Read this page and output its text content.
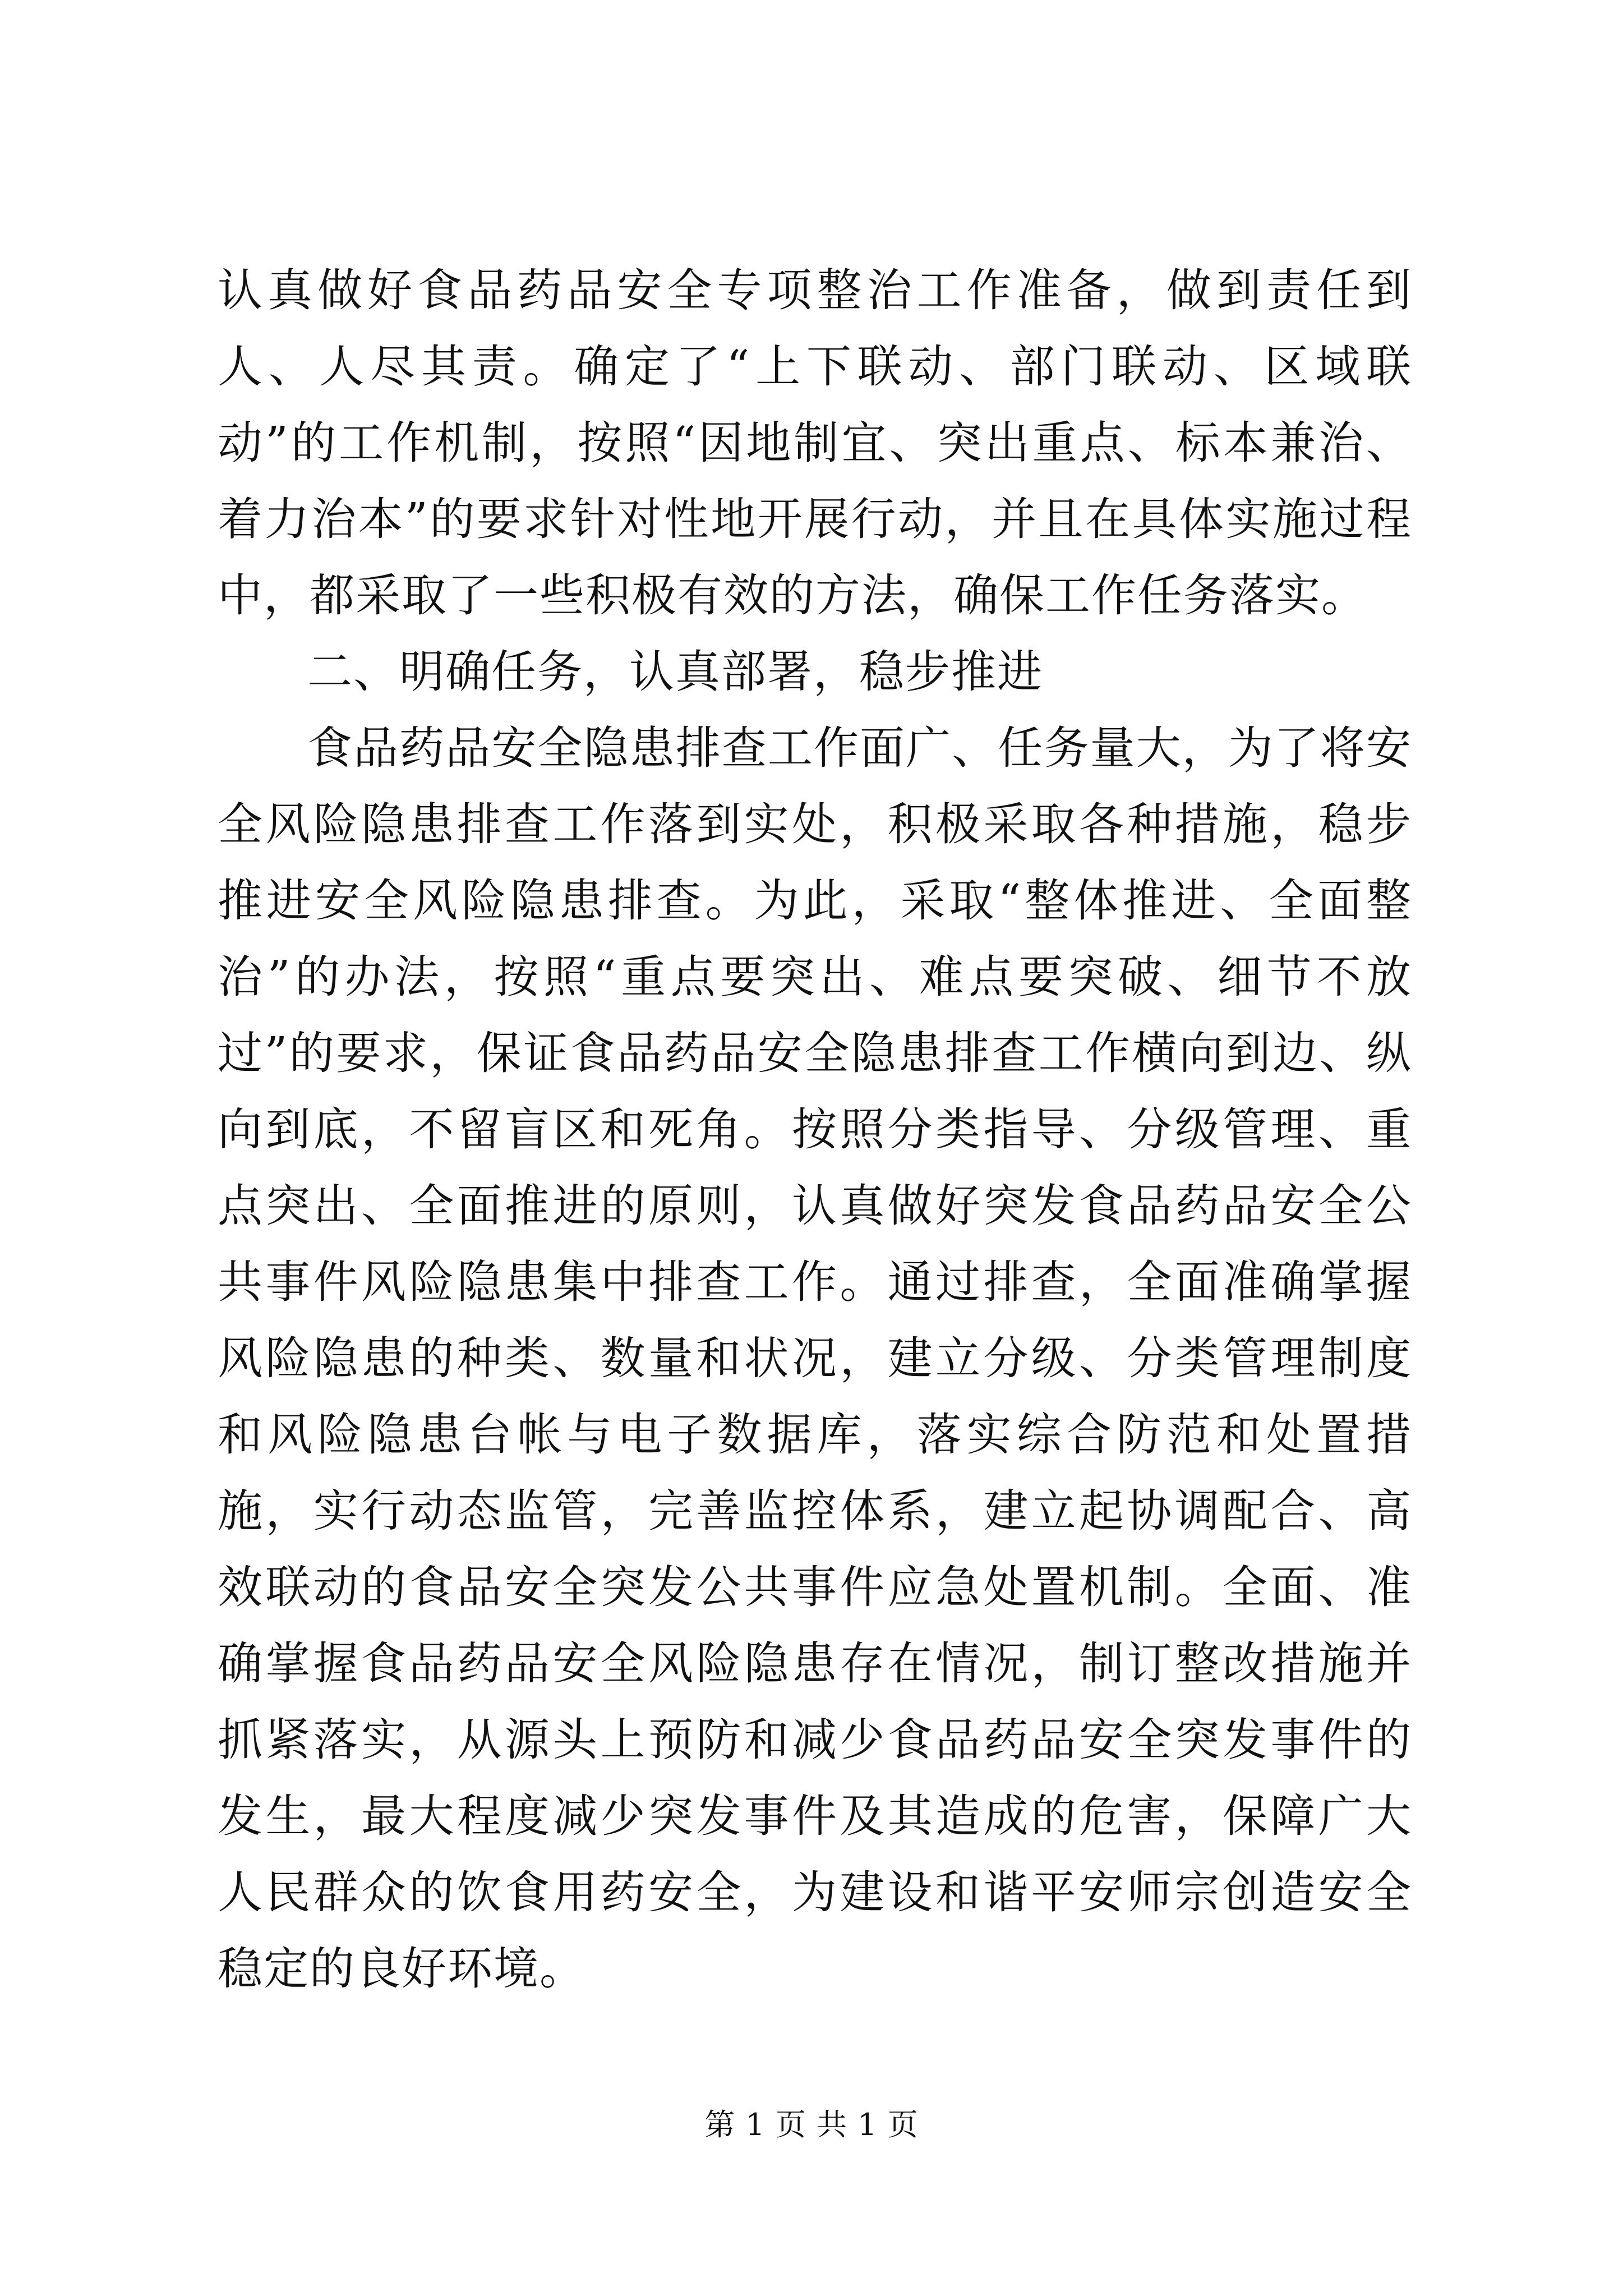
认真做好食品药品安全专项整治工作准备，做到责任到人、人尽其责。确定了“上下联动、部门联动、区域联动”的工作机制，按照“因地制宜、突出重点、标本兼治、着力治本”的要求针对性地开展行动，并且在具体实施过程中，都采取了一些积极有效的方法，确保工作任务落实。

二、明确任务，认真部署，稳步推进

食品药品安全隐患排查工作面广、任务量大，为了将安全风险隐患排查工作落到实处，积极采取各种措施，稳步推进安全风险隐患排查。为此，采取“整体推进、全面整治”的办法，按照“重点要突出、难点要突破、细节不放过”的要求，保证食品药品安全隐患排查工作横向到边、纵向到底，不留盲区和死角。按照分类指导、分级管理、重点突出、全面推进的原则，认真做好突发食品药品安全公共事件风险隐患集中排查工作。通过排查，全面准确掌握风险隐患的种类、数量和状况，建立分级、分类管理制度和风险隐患台帐与电子数据库，落实综合防范和处置措施，实行动态监管，完善监控体系，建立起协调配合、高效联动的食品安全突发公共事件应急处置机制。全面、准确掌握食品药品安全风险隐患存在情况，制订整改措施并抓紧落实，从源头上预防和减少食品药品安全突发事件的发生，最大程度减少突发事件及其造成的危害，保障广大人民群众的饮食用药安全，为建设和谐平安师宗创造安全稳定的良好环境。

第 1 页 共 1 页
